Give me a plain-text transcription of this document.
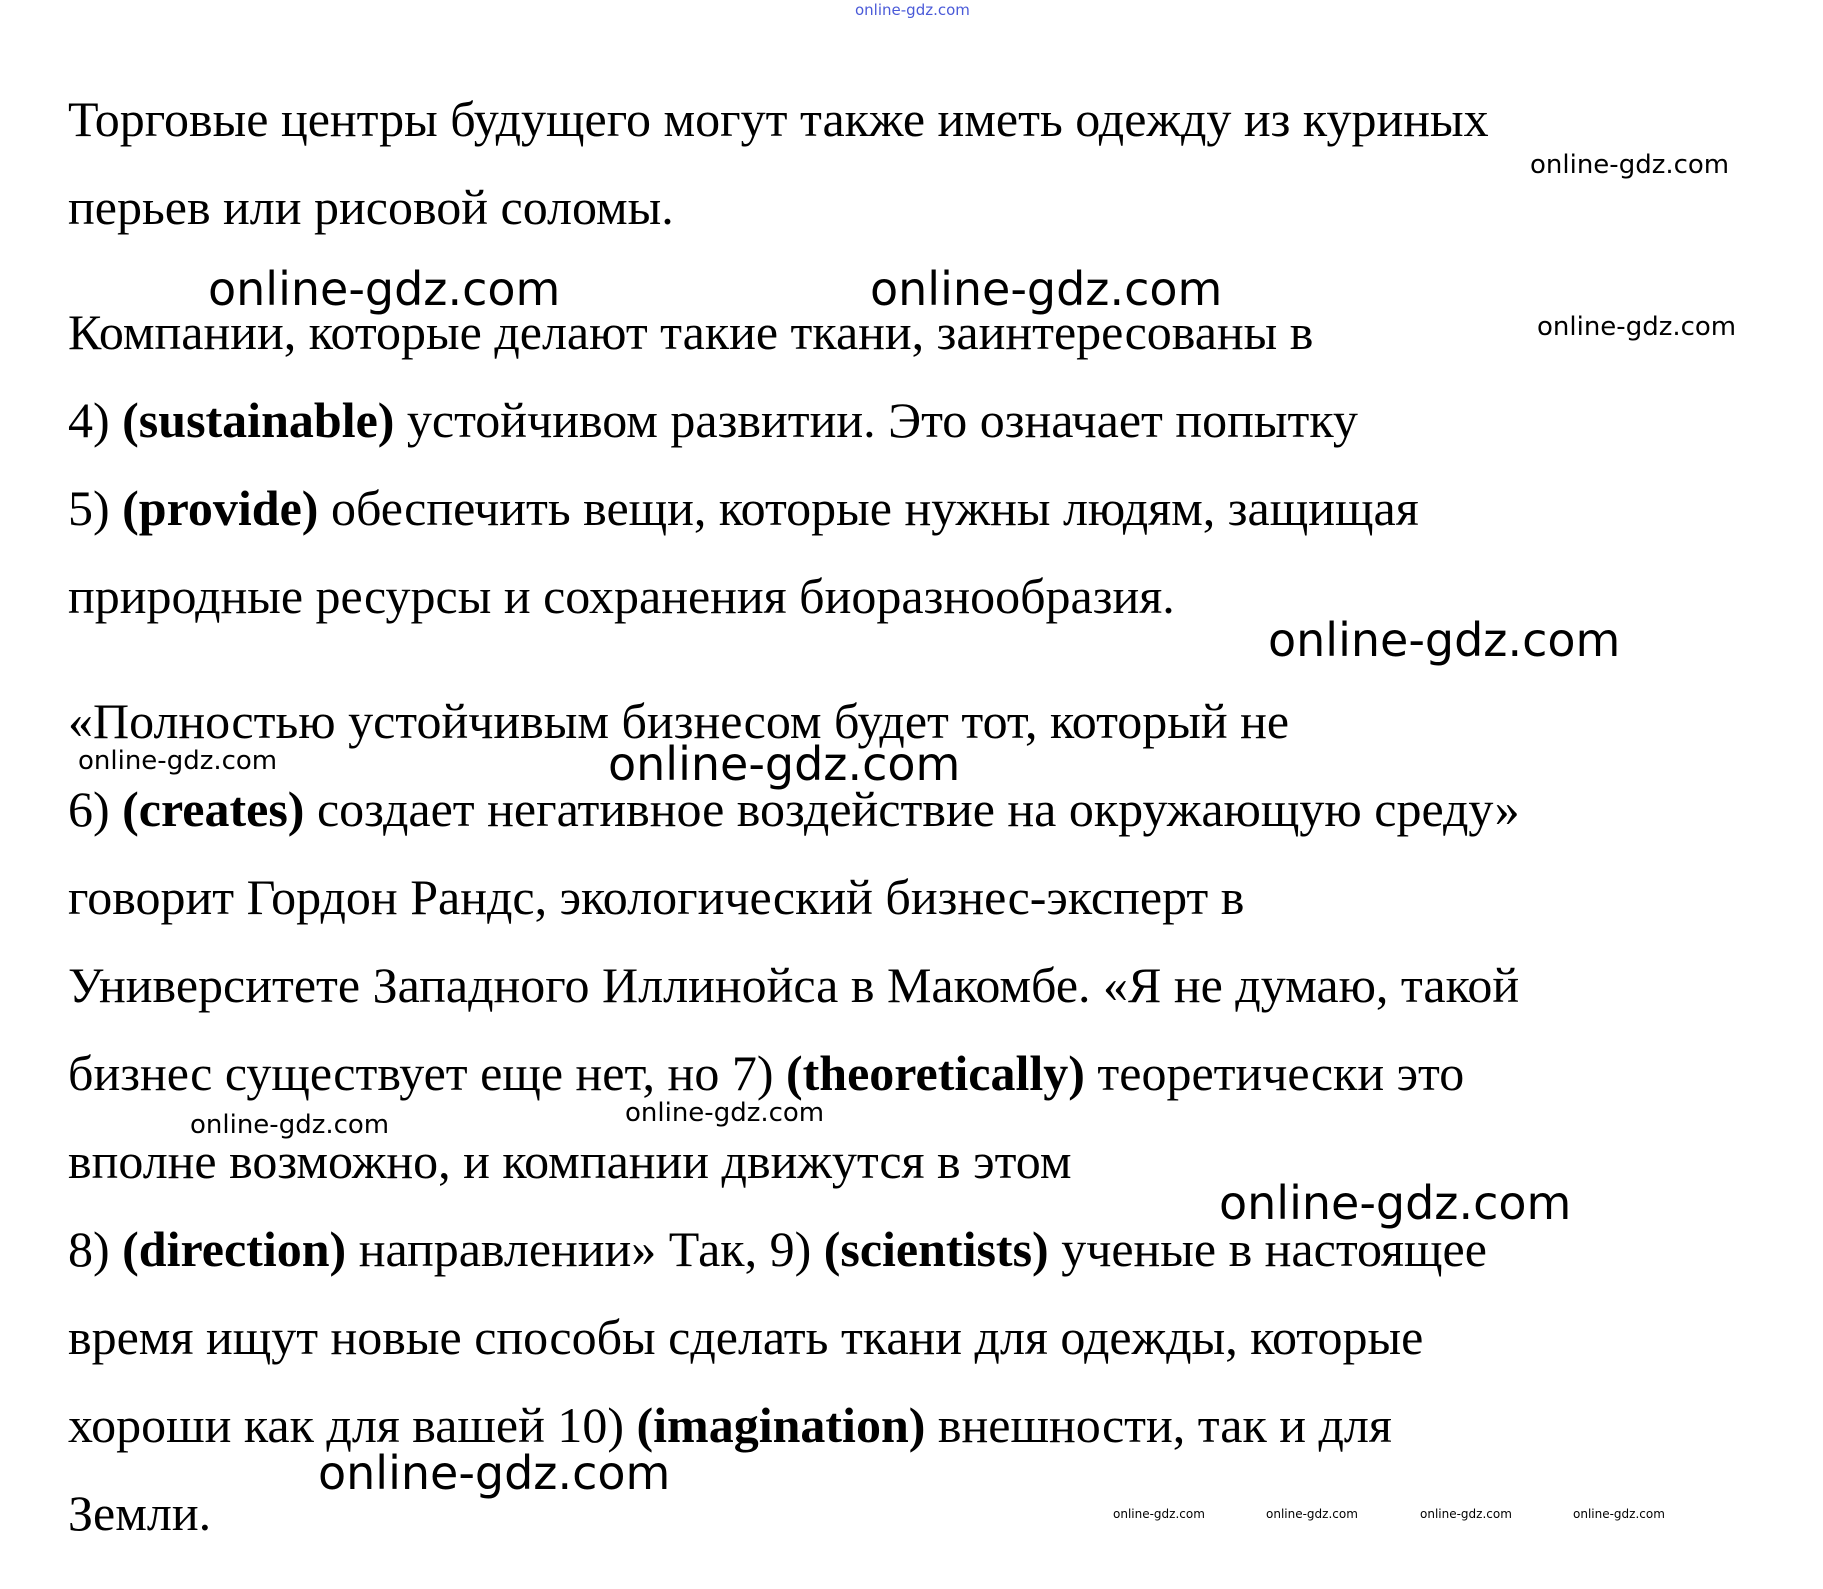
online-gdz.com
Торговые центры будущего могут также иметь одежду из куриных
перьев или рисовой соломы.
Компании, которые делают такие ткани, заинтересованы в
4) (sustainable) устойчивом развитии. Это означает попытку
5) (provide) обеспечить вещи, которые нужны людям, защищая
природные ресурсы и сохранения биоразнообразия.
«Полностью устойчивым бизнесом будет тот, который не
6) (creates) создает негативное воздействие на окружающую среду»
говорит Гордон Рандс, экологический бизнес-эксперт в
Университете Западного Иллинойса в Макомбе. «Я не думаю, такой
бизнес существует еще нет, но 7) (theoretically) теоретически это
вполне возможно, и компании движутся в этом
8) (direction) направлении» Так, 9) (scientists) ученые в настоящее
время ищут новые способы сделать ткани для одежды, которые
хороши как для вашей 10) (imagination) внешности, так и для
Земли.
online-gdz.com
online-gdz.com	online-gdz.com
online-gdz.com
online-gdz.com
online-gdz.com	online-gdz.com
online-gdz.com
online-gdz.com
online-gdz.com
online-gdz.com
online-gdz.com	online-gdz.com	online-gdz.com	online-gdz.com
